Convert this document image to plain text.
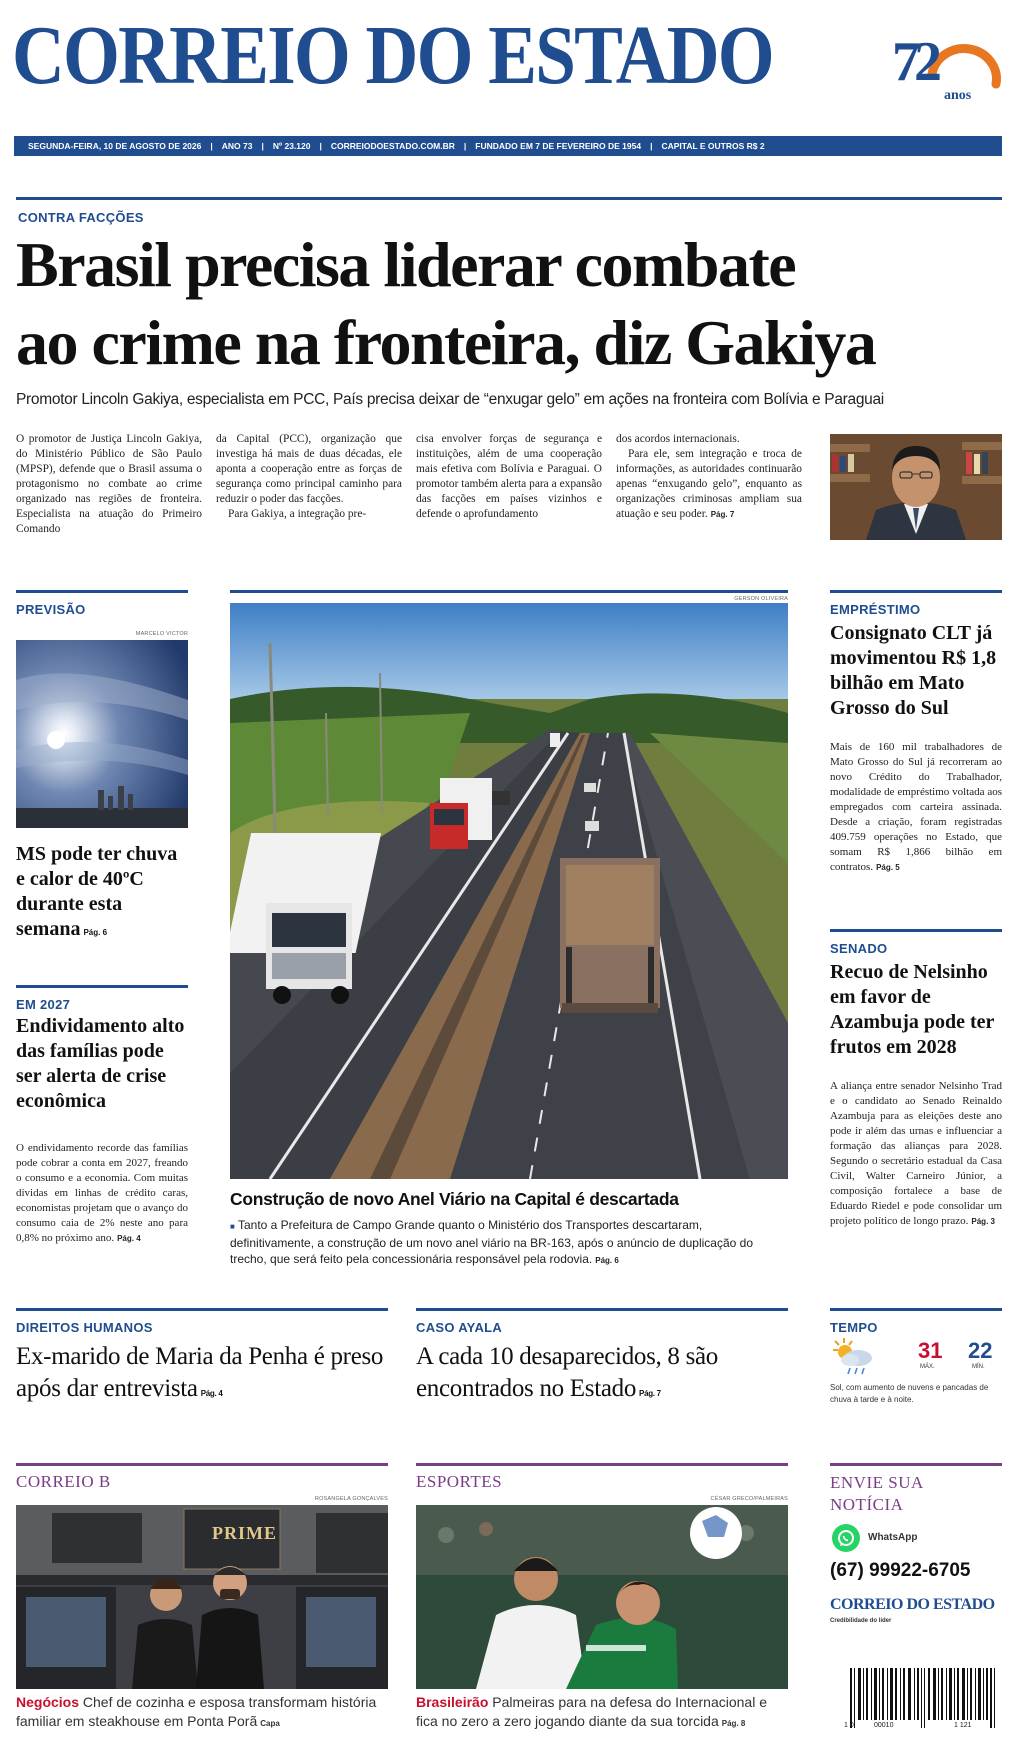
CORREIO DO ESTADO 72
anos
SEGUNDA-FEIRA, 10 DE AGOSTO DE 2026 | ANO 73 | Nº 23.120 | CORREIODOESTADO.COM.BR | FUNDADO EM 7 DE FEVEREIRO DE 1954 | CAPITAL E OUTROS R$ 2
CONTRA FACÇÕES
Brasil precisa liderar combate
ao crime na fronteira, diz Gakiya
Promotor Lincoln Gakiya, especialista em PCC, País precisa deixar de “enxugar gelo” em ações na fronteira com Bolívia e Paraguai
O promotor de Justiça Lincoln Gakiya, do Ministério Público de São Paulo (MPSP), defende que o Brasil assuma o protagonismo no combate ao crime organizado nas regiões de fronteira. Especialista na atuação do Primeiro Comando
da Capital (PCC), organização que investiga há mais de duas décadas, ele aponta a cooperação entre as forças de segurança como principal caminho para reduzir o poder das facções.
Para Gakiya, a integração pre-
cisa envolver forças de segurança e instituições, além de uma cooperação mais efetiva com Bolívia e Paraguai. O promotor também alerta para a expansão das facções em países vizinhos e defende o aprofundamento
dos acordos internacionais.
Para ele, sem integração e troca de informações, as autoridades continuarão apenas “enxugando gelo”, enquanto as organizações criminosas ampliam sua atuação e seu poder. Pág. 7
PREVISÃO
MARCELO VICTOR
MS pode ter chuva e calor de 40ºC durante esta semana Pág. 6
EM 2027
Endividamento alto das famílias pode ser alerta de crise econômica
O endividamento recorde das famílias pode cobrar a conta em 2027, freando o consumo e a economia. Com muitas dívidas em linhas de crédito caras, economistas projetam que o avanço do consumo caia de 2% neste ano para 0,8% no próximo ano. Pág. 4
GERSON OLIVEIRA
Construção de novo Anel Viário na Capital é descartada
■ Tanto a Prefeitura de Campo Grande quanto o Ministério dos Transportes descartaram, definitivamente, a construção de um novo anel viário na BR-163, após o anúncio de duplicação do trecho, que será feito pela concessionária responsável pela rodovia. Pág. 6
EMPRÉSTIMO
Consignato CLT já movimentou R$ 1,8 bilhão em Mato Grosso do Sul
Mais de 160 mil trabalhadores de Mato Grosso do Sul já recorreram ao novo Crédito do Trabalhador, modalidade de empréstimo voltada aos empregados com carteira assinada. Desde a criação, foram registradas 409.759 operações no Estado, que somam R$ 1,866 bilhão em contratos. Pág. 5
SENADO
Recuo de Nelsinho em favor de Azambuja pode ter frutos em 2028
A aliança entre senador Nelsinho Trad e o candidato ao Senado Reinaldo Azambuja para as eleições deste ano pode ir além das urnas e influenciar a formação das alianças para 2028. Segundo o secretário estadual da Casa Civil, Walter Carneiro Júnior, a composição fortalece a base de Eduardo Riedel e pode consolidar um projeto político de longo prazo. Pág. 3
DIREITOS HUMANOS
Ex-marido de Maria da Penha é preso após dar entrevista Pág. 4
CASO AYALA
A cada 10 desaparecidos, 8 são encontrados no Estado Pág. 7
TEMPO
31
MÁX.
22
MÍN.
Sol, com aumento de nuvens e pancadas de chuva à tarde e à noite.
CORREIO B
ROSANGELA GONÇALVES
PRIME
Negócios Chef de cozinha e esposa transformam história familiar em steakhouse em Ponta Porã Capa
ESPORTES
CÉSAR GRECO/PALMEIRAS
Brasileirão Palmeiras para na defesa do Internacional e fica no zero a zero jogando diante da sua torcida Pág. 8
ENVIE SUA NOTÍCIA
WhatsApp
(67) 99922-6705
CORREIO DO ESTADO
Credibilidade do líder
1 0	00010	1 121
